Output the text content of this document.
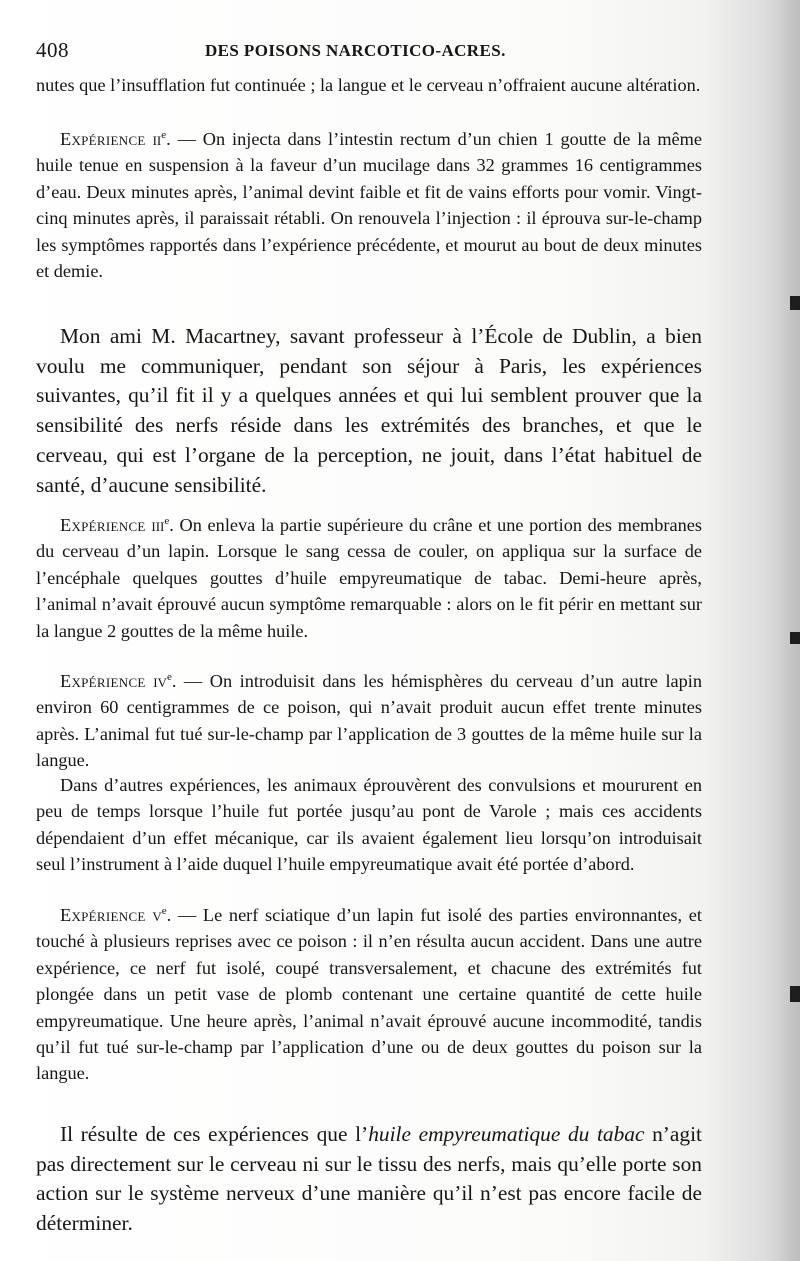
408	DES POISONS NARCOTICO-ACRES.

nutes que l’insufflation fut continuée ; la langue et le cerveau n’offraient aucune altération.

Expérience $ii^e$. — On injecta dans l’intestin rectum d’un chien 1 goutte de la même huile tenue en suspension à la faveur d’un mucilage dans 32 grammes 16 centigrammes d’eau. Deux minutes après, l’animal devint faible et fit de vains efforts pour vomir. Vingt-cinq minutes après, il paraissait rétabli. On renouvela l’injection : il éprouva sur-le-champ les symptômes rapportés dans l’expérience précédente, et mourut au bout de deux minutes et demie.

Mon ami M. Macartney, savant professeur à l’École de Dublin, a bien voulu me communiquer, pendant son séjour à Paris, les expériences suivantes, qu’il fit il y a quelques années et qui lui semblent prouver que la sensibilité des nerfs réside dans les extrémités des branches, et que le cerveau, qui est l’organe de la perception, ne jouit, dans l’état habituel de santé, d’aucune sensibilité.

Expérience iii$^e$. On enleva la partie supérieure du crâne et une portion des membranes du cerveau d’un lapin. Lorsque le sang cessa de couler, on appliqua sur la surface de l’encéphale quelques gouttes d’huile empyreumatique de tabac. Demi-heure après, l’animal n’avait éprouvé aucun symptôme remarquable : alors on le fit périr en mettant sur la langue 2 gouttes de la même huile.

Expérience $iv^e$. — On introduisit dans les hémisphères du cerveau d’un autre lapin environ 60 centigrammes de ce poison, qui n’avait produit aucun effet trente minutes après. L’animal fut tué sur-le-champ par l’application de 3 gouttes de la même huile sur la langue.

Dans d’autres expériences, les animaux éprouvèrent des convulsions et moururent en peu de temps lorsque l’huile fut portée jusqu’au pont de Varole ; mais ces accidents dépendaient d’un effet mécanique, car ils avaient également lieu lorsqu’on introduisait seul l’instrument à l’aide duquel l’huile empyreumatique avait été portée d’abord.

Expérience $v^e$. — Le nerf sciatique d’un lapin fut isolé des parties environnantes, et touché à plusieurs reprises avec ce poison : il n’en résulta aucun accident. Dans une autre expérience, ce nerf fut isolé, coupé transversalement, et chacune des extrémités fut plongée dans un petit vase de plomb contenant une certaine quantité de cette huile empyreumatique. Une heure après, l’animal n’avait éprouvé aucune incommodité, tandis qu’il fut tué sur-le-champ par l’application d’une ou de deux gouttes du poison sur la langue.

Il résulte de ces expériences que l’huile empyreumatique du tabac n’agit pas directement sur le cerveau ni sur le tissu des nerfs, mais qu’elle porte son action sur le système nerveux d’une manière qu’il n’est pas encore facile de déterminer.
